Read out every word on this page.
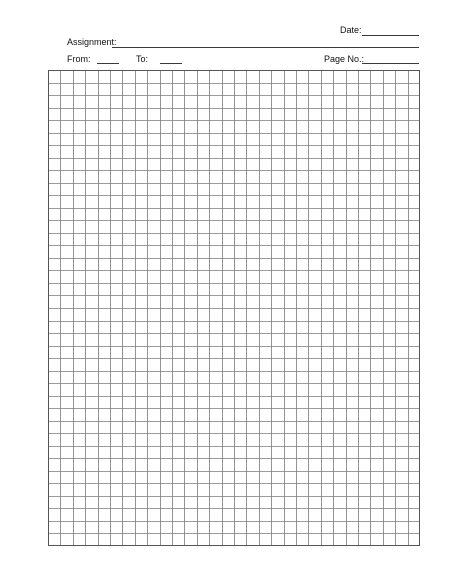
Date:
Assignment:
From:	To:	Page No.:
